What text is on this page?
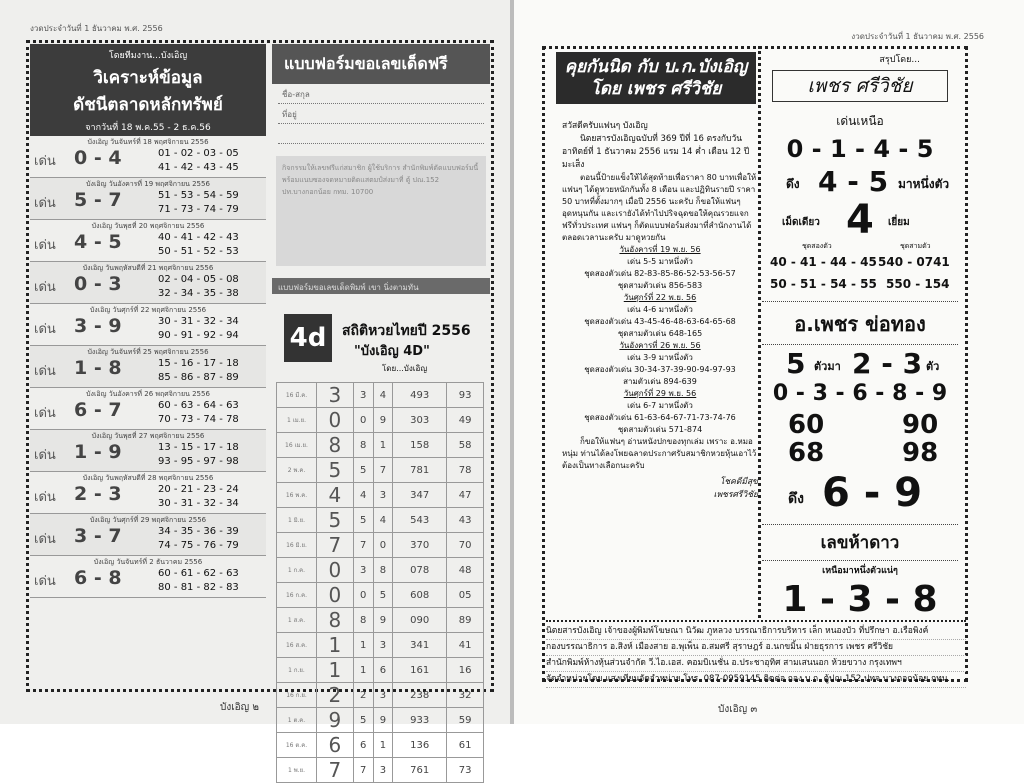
งวดประจำวันที่ 1 ธันวาคม พ.ศ. 2556
โดยทีมงาน...บังเอิญ
วิเคราะห์ข้อมูล
ดัชนีตลาดหลักทรัพย์
จากวันที่ 18 พ.ค.55 - 2 ธ.ค.56
บังเอิญ วันจันทร์ที่ 18 พฤศจิกายน 2556
เด่น 0 - 4	01 - 02 - 03 - 05
41 - 42 - 43 - 45
บังเอิญ วันอังคารที่ 19 พฤศจิกายน 2556
เด่น 5 - 7	51 - 53 - 54 - 59
71 - 73 - 74 - 79
บังเอิญ วันพุธที่ 20 พฤศจิกายน 2556
เด่น 4 - 5	40 - 41 - 42 - 43
50 - 51 - 52 - 53
บังเอิญ วันพฤหัสบดีที่ 21 พฤศจิกายน 2556
เด่น 0 - 3	02 - 04 - 05 - 08
32 - 34 - 35 - 38
บังเอิญ วันศุกร์ที่ 22 พฤศจิกายน 2556
เด่น 3 - 9	30 - 31 - 32 - 34
90 - 91 - 92 - 94
บังเอิญ วันจันทร์ที่ 25 พฤศจิกายน 2556
เด่น 1 - 8	15 - 16 - 17 - 18
85 - 86 - 87 - 89
บังเอิญ วันอังคารที่ 26 พฤศจิกายน 2556
เด่น 6 - 7	60 - 63 - 64 - 63
70 - 73 - 74 - 78
บังเอิญ วันพุธที่ 27 พฤศจิกายน 2556
เด่น 1 - 9	13 - 15 - 17 - 18
93 - 95 - 97 - 98
บังเอิญ วันพฤหัสบดีที่ 28 พฤศจิกายน 2556
เด่น 2 - 3	20 - 21 - 23 - 24
30 - 31 - 32 - 34
บังเอิญ วันศุกร์ที่ 29 พฤศจิกายน 2556
เด่น 3 - 7	34 - 35 - 36 - 39
74 - 75 - 76 - 79
บังเอิญ วันจันทร์ที่ 2 ธันวาคม 2556
เด่น 6 - 8	60 - 61 - 62 - 63
80 - 81 - 82 - 83
แบบฟอร์มขอเลขเด็ดฟรี
ชื่อ-สกุล
ที่อยู่
กิจกรรมให้เลขฟรีแก่สมาชิก ผู้ใช้บริการ สำนักพิมพ์ตัดแบบฟอร์มนี้พร้อมแนบซองจดหมายติดแสตมป์ส่งมาที่ ตู้ ปณ.152 ปท.บางกอกน้อย กทม. 10700
แบบฟอร์มขอเลขเด็ดพิมพ์ เขา นิ่งตามทัน
4d	สถิติหวยไทยปี 2556
"บังเอิญ 4D"
โดย...บังเอิญ
16 มี.ค.	3	3	4	493	93
1 เม.ย.	0	0	9	303	49
16 เม.ย.	8	8	1	158	58
2 พ.ค.	5	5	7	781	78
16 พ.ค.	4	4	3	347	47
1 มิ.ย.	5	5	4	543	43
16 มิ.ย.	7	7	0	370	70
1 ก.ค.	0	3	8	078	48
16 ก.ค.	0	0	5	608	05
1 ส.ค.	8	8	9	090	89
16 ส.ค.	1	1	3	341	41
1 ก.ย.	1	1	6	161	16
16 ก.ย.	2	2	3	238	32
1 ต.ค.	9	5	9	933	59
16 ต.ค.	6	6	1	136	61
1 พ.ย.	7	7	3	761	73
บังเอิญ ๒
งวดประจำวันที่ 1 ธันวาคม พ.ศ. 2556
คุยกันนิด กับ บ.ก.บังเอิญ
โดย เพชร ศรีวิชัย
สวัสดีครับแฟนๆ บังเอิญ
นิตยสารบังเอิญฉบับที่ 369 ปีที่ 16 ตรงกับวันอาทิตย์ที่ 1 ธันวาคม 2556 แรม 14 ค่ำ เดือน 12 ปีมะเส็ง
ตอนนี้ป้ายแข็งให้ได้สุดท้ายเพื่อราคา 80 บาทเพื่อให้แฟนๆ ได้ดูหวยหนักกันทั้ง 8 เดือน และปฏิทินรายปี ราคา 50 บาทที่ตั้งมากๆ เมื่อปี 2556 นะครับ ก็ขอให้แฟนๆ อุดหนุนกัน และเรายังได้ทำไปปริจฉุดขอให้คุณรวยแจกฟรีทั่วประเทศ แฟนๆ ก็ตัดแบบฟอร์มส่งมาที่สำนักงานได้ตลอดเวลานะครับ มาดูหวยกัน
วันอังคารที่ 19 พ.ย. 56
เด่น 5-5 มาหนึ่งตัว
ชุดสองตัวเด่น 82-83-85-86-52-53-56-57
ชุดสามตัวเด่น 856-583
วันศุกร์ที่ 22 พ.ย. 56
เด่น 4-6 มาหนึ่งตัว
ชุดสองตัวเด่น 43-45-46-48-63-64-65-68
ชุดสามตัวเด่น 648-165
วันอังคารที่ 26 พ.ย. 56
เด่น 3-9 มาหนึ่งตัว
ชุดสองตัวเด่น 30-34-37-39-90-94-97-93
สามตัวเด่น 894-639
วันศุกร์ที่ 29 พ.ย. 56
เด่น 6-7 มาหนึ่งตัว
ชุดสองตัวเด่น 61-63-64-67-71-73-74-76
ชุดสามตัวเด่น 571-874
ก็ขอให้แฟนๆ อ่านหนังปกของทุกเล่ม เพราะ อ.หมอหนุ่ม ท่านได้ลงโพยฉลาดประกาศรับสมาชิกหวยหุ้นเอาไว้ต้องเป็นทางเลือกนะครับ
โชคดีมีสุข
เพชรศรีวิชัย
สรุปโดย...
เพชร ศรีวิชัย
เด่นเหนือ
0 - 1 - 4 - 5
ดึง 4 - 5 มาหนึ่งตัว
เม็ดเดียว 4 เยี่ยม
ชุดสองตัว	ชุดสามตัว
40 - 41 - 44 - 45 540 - 0741
50 - 51 - 54 - 55 550 - 154
อ.เพชร ข่อทอง
5 ตัวมา 2 - 3 ตัว
0 - 3 - 6 - 8 - 9
60	90
68	98
ดึง 6 - 9
เลขห้าดาว
เหนือมาหนึ่งตัวแน่ๆ
1 - 3 - 8
นิตยสารบังเอิญ เจ้าของผู้พิมพ์โฆษณา นิวัฒ ภูหลวง บรรณาธิการบริหาร เล็ก หนองบัว ที่ปรึกษา อ.เรือพิงค์
กองบรรณาธิการ อ.สิงห์ เมืองสาย อ.พุเพ็น อ.สมศรี สุราษฎร์ อ.นกขมิ้น ฝ่ายธุรการ เพชร ศรีวิชัย
สำนักพิมพ์ห้างหุ้นส่วนจำกัด วี.ไอ.เอส. คอมบิเนชั่น อ.ประชาอุทิศ สามเสนนอก ห้วยขวาง กรุงเทพฯ
จัดจำหน่ายโดย แสงเทียนจัดจำหน่าย โทร. 087-0959145 ติดต่อ กอง บ.ก. ตู้ปณ.152 ปทจ.บางกอกน้อย กทม.
บังเอิญ ๓
